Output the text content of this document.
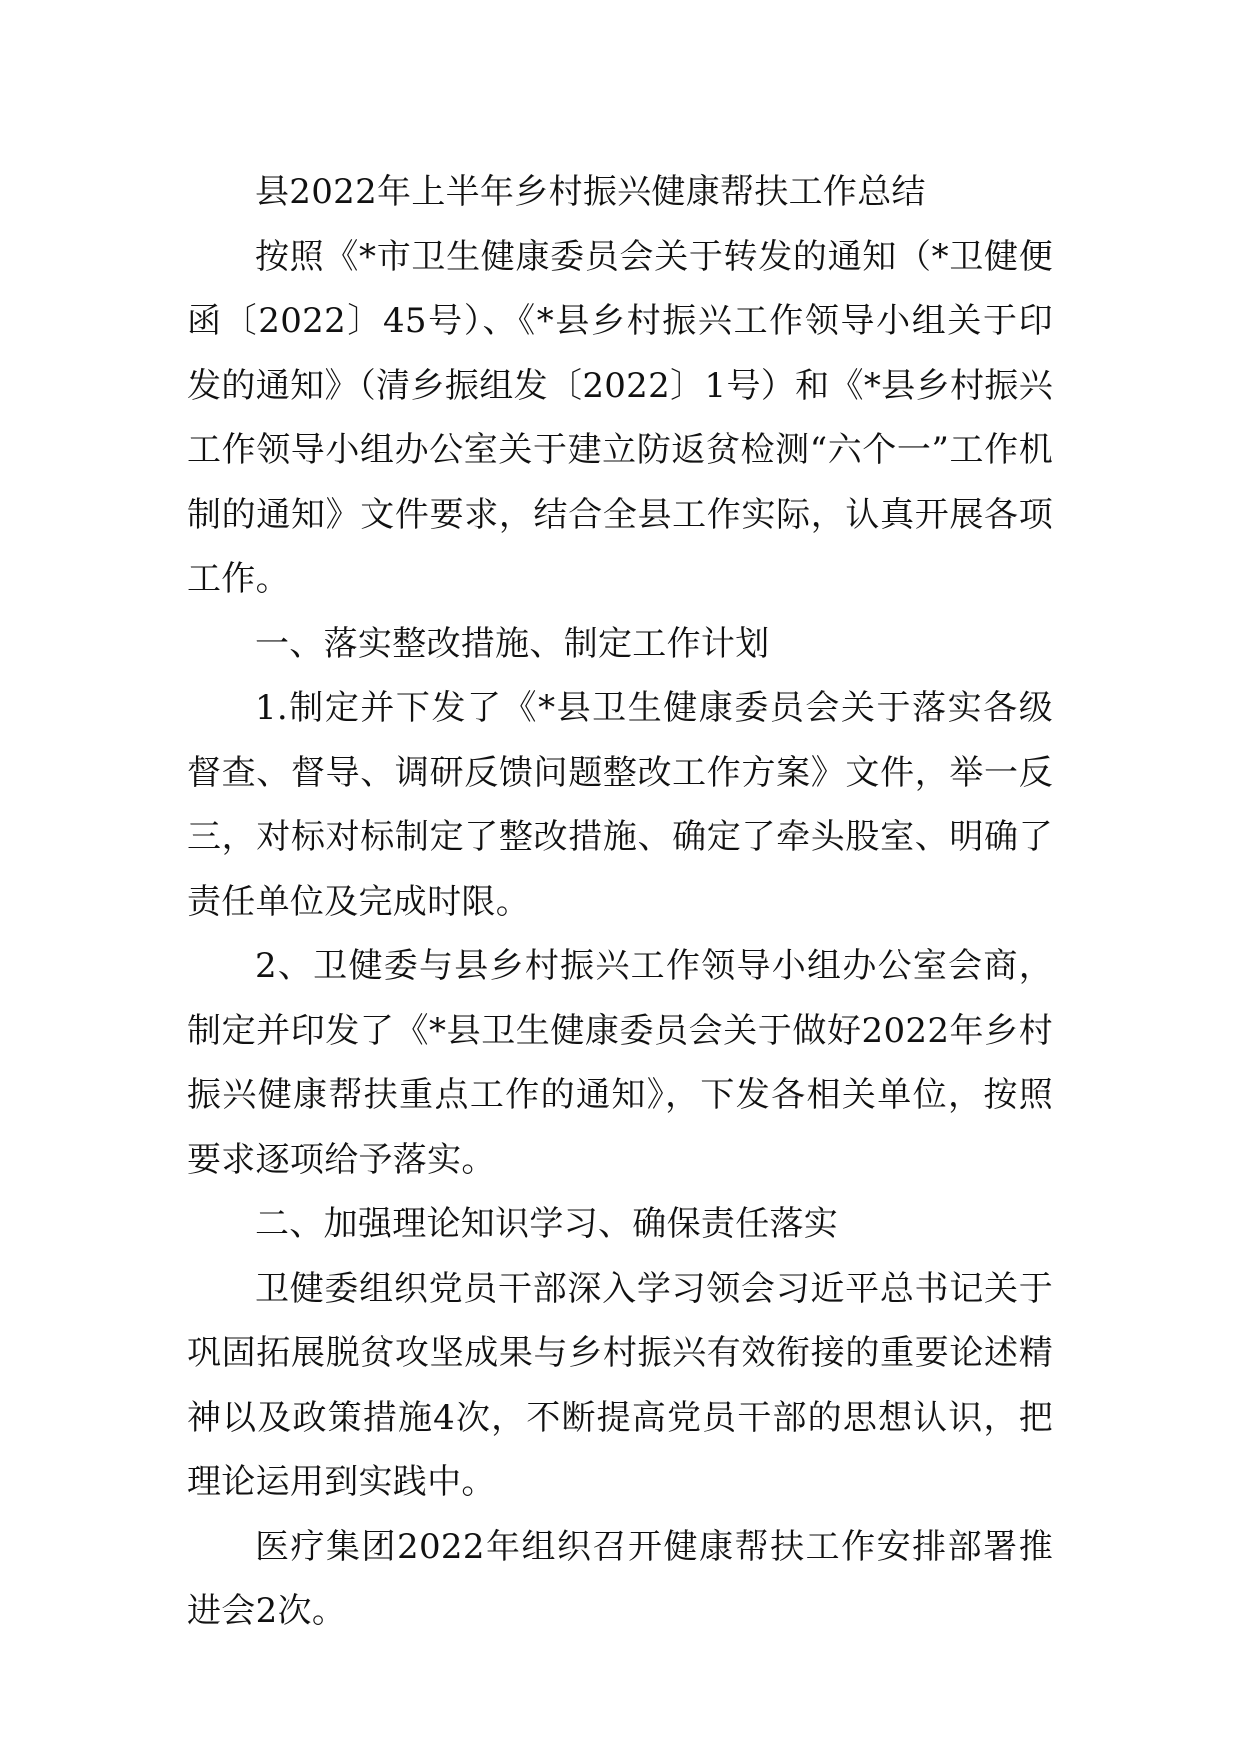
县2022年上半年乡村振兴健康帮扶工作总结

按照《*市卫生健康委员会关于转发的通知（*卫健便函〔2022〕45号）、《*县乡村振兴工作领导小组关于印发的通知》（清乡振组发〔2022〕1号）和《*县乡村振兴工作领导小组办公室关于建立防返贫检测“六个一”工作机制的通知》文件要求，结合全县工作实际，认真开展各项工作。

一、落实整改措施、制定工作计划

1.制定并下发了《*县卫生健康委员会关于落实各级督查、督导、调研反馈问题整改工作方案》文件，举一反三，对标对标制定了整改措施、确定了牵头股室、明确了责任单位及完成时限。

2、卫健委与县乡村振兴工作领导小组办公室会商，制定并印发了《*县卫生健康委员会关于做好2022年乡村振兴健康帮扶重点工作的通知》，下发各相关单位，按照要求逐项给予落实。

二、加强理论知识学习、确保责任落实

卫健委组织党员干部深入学习领会习近平总书记关于巩固拓展脱贫攻坚成果与乡村振兴有效衔接的重要论述精神以及政策措施4次，不断提高党员干部的思想认识，把理论运用到实践中。

医疗集团2022年组织召开健康帮扶工作安排部署推进会2次。
